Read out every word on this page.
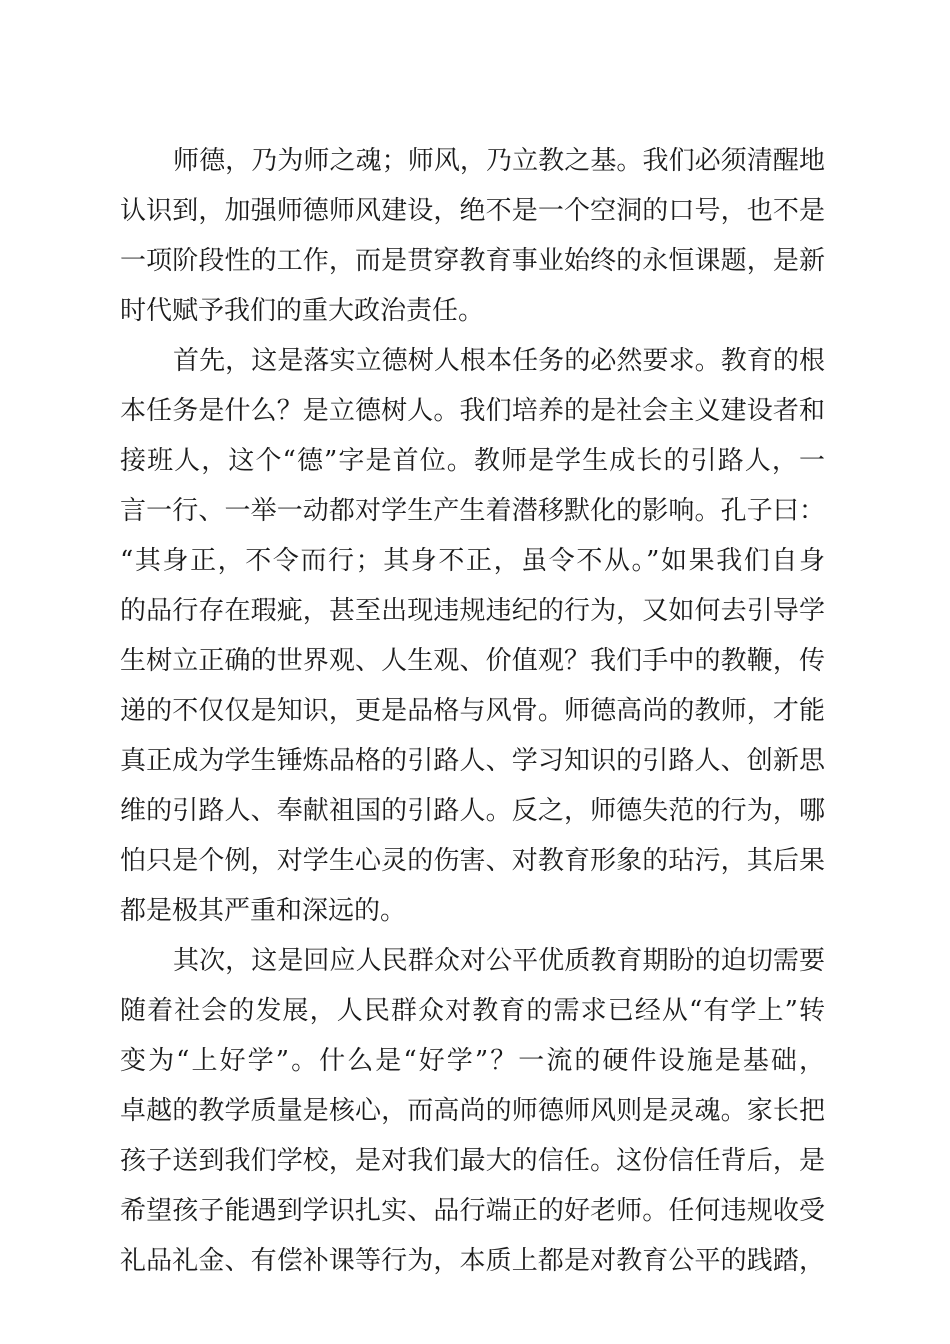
师德，乃为师之魂；师风，乃立教之基。我们必须清醒地
认识到，加强师德师风建设，绝不是一个空洞的口号，也不是
一项阶段性的工作，而是贯穿教育事业始终的永恒课题，是新
时代赋予我们的重大政治责任。
首先，这是落实立德树人根本任务的必然要求。教育的根
本任务是什么？是立德树人。我们培养的是社会主义建设者和
接班人，这个“德”字是首位。教师是学生成长的引路人，一
言一行、一举一动都对学生产生着潜移默化的影响。孔子曰：
“其身正，不令而行；其身不正，虽令不从。”如果我们自身
的品行存在瑕疵，甚至出现违规违纪的行为，又如何去引导学
生树立正确的世界观、人生观、价值观？我们手中的教鞭，传
递的不仅仅是知识，更是品格与风骨。师德高尚的教师，才能
真正成为学生锤炼品格的引路人、学习知识的引路人、创新思
维的引路人、奉献祖国的引路人。反之，师德失范的行为，哪
怕只是个例，对学生心灵的伤害、对教育形象的玷污，其后果
都是极其严重和深远的。
其次，这是回应人民群众对公平优质教育期盼的迫切需要
随着社会的发展，人民群众对教育的需求已经从“有学上”转
变为“上好学”。什么是“好学”？一流的硬件设施是基础，
卓越的教学质量是核心，而高尚的师德师风则是灵魂。家长把
孩子送到我们学校，是对我们最大的信任。这份信任背后，是
希望孩子能遇到学识扎实、品行端正的好老师。任何违规收受
礼品礼金、有偿补课等行为，本质上都是对教育公平的践踏，
